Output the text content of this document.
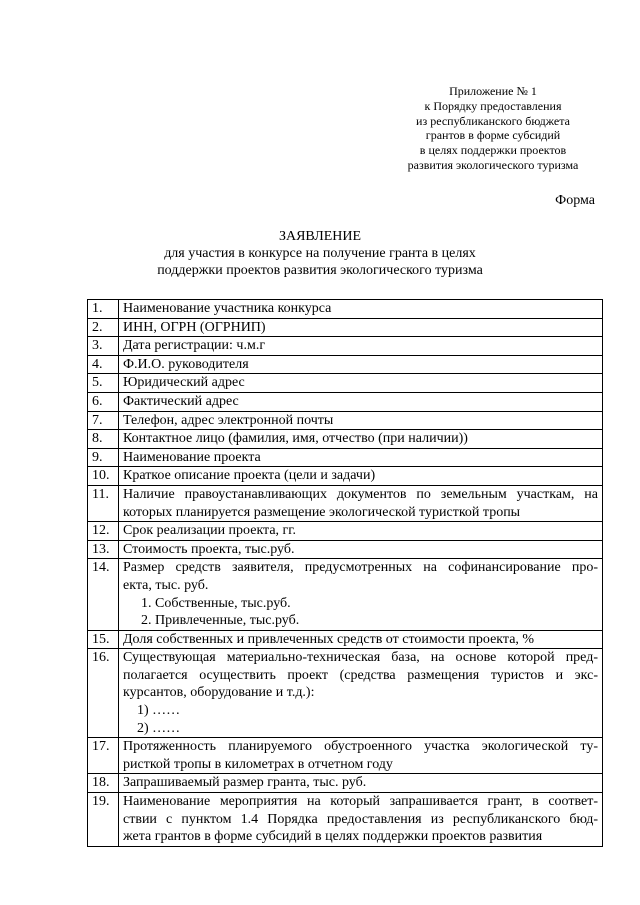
Приложение № 1
к Порядку предоставления
из республиканского бюджета
грантов в форме субсидий
в целях поддержки проектов
развития экологического туризма
Форма
ЗАЯВЛЕНИЕ
для участия в конкурсе на получение гранта в целях
поддержки проектов развития экологического туризма
1.	Наименование участника конкурса

2.	ИНН, ОГРН (ОГРНИП)

3.	Дата регистрации: ч.м.г

4.	Ф.И.О. руководителя

5.	Юридический адрес

6.	Фактический адрес

7.	Телефон, адрес электронной почты

8.	Контактное лицо (фамилия, имя, отчество (при наличии))

9.	Наименование проекта

10.	Краткое описание проекта (цели и задачи)

11.	Наличие правоустанавливающих документов по земельным участкам, на
которых планируется размещение экологической туристкой тропы

12.	Срок реализации проекта, гг.

13.	Стоимость проекта, тыс.руб.

14.	Размер средств заявителя, предусмотренных на софинансирование про-
екта, тыс. руб.
1. Собственные, тыс.руб.
2. Привлеченные, тыс.руб.

15.	Доля собственных и привлеченных средств от стоимости проекта, %

16.	Существующая материально-техническая база, на основе которой пред-
полагается осуществить проект (средства размещения туристов и экс-
курсантов, оборудование и т.д.):
1) ……
2) ……

17.	Протяженность планируемого обустроенного участка экологической ту-
ристкой тропы в километрах в отчетном году

18.	Запрашиваемый размер гранта, тыс. руб.

19.	Наименование мероприятия на который запрашивается грант, в соответ-
ствии с пунктом 1.4 Порядка предоставления из республиканского бюд-
жета грантов в форме субсидий в целях поддержки проектов развития
